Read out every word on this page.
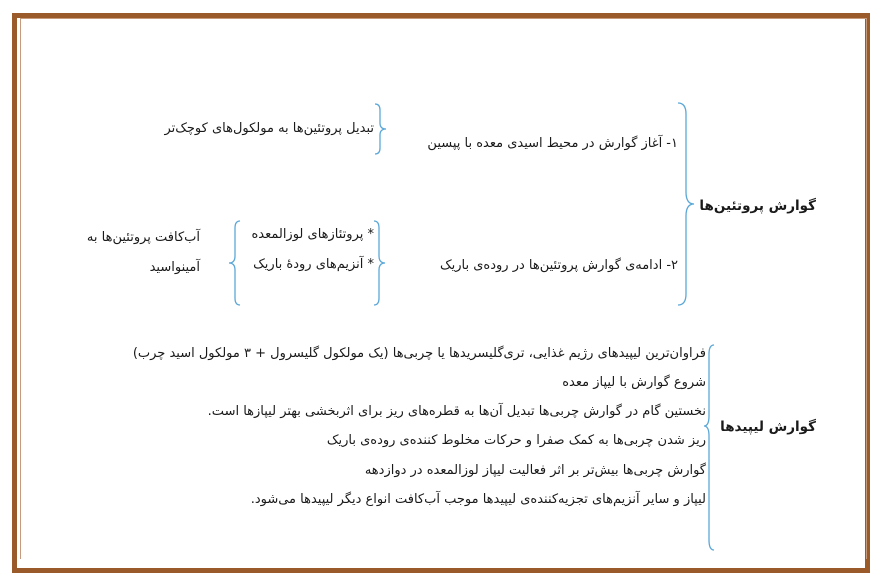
گوارش پروتئین‌ها
۱- آغاز گوارش در محیط اسیدی معده با پپسین
تبدیل پروتئین‌ها به مولکول‌های کوچک‌تر
۲- ادامه‌ی گوارش پروتئین‌ها در روده‌ی باریک
* پروتئازهای لوزالمعده
* آنزیم‌های رودهٔ باریک
آب‌کافت پروتئین‌ها به
آمینواسید
گوارش لیپیدها
فراوان‌ترین لیپیدهای رژیم غذایی، تری‌گلیسریدها یا چربی‌ها (یک مولکول گلیسرول + ۳ مولکول اسید چرب)
شروع گوارش با لیپاز معده
نخستین گام در گوارش چربی‌ها تبدیل آن‌ها به قطره‌های ریز برای اثربخشی بهتر لیپازها است.
ریز شدن چربی‌ها به کمک صفرا و حرکات مخلوط کننده‌ی روده‌ی باریک
گوارش چربی‌ها بیش‌تر بر اثر فعالیت لیپاز لوزالمعده در دوازدهه
لیپاز و سایر آنزیم‌های تجزیه‌کننده‌ی لیپیدها موجب آب‌کافت انواع دیگر لیپیدها می‌شود.
